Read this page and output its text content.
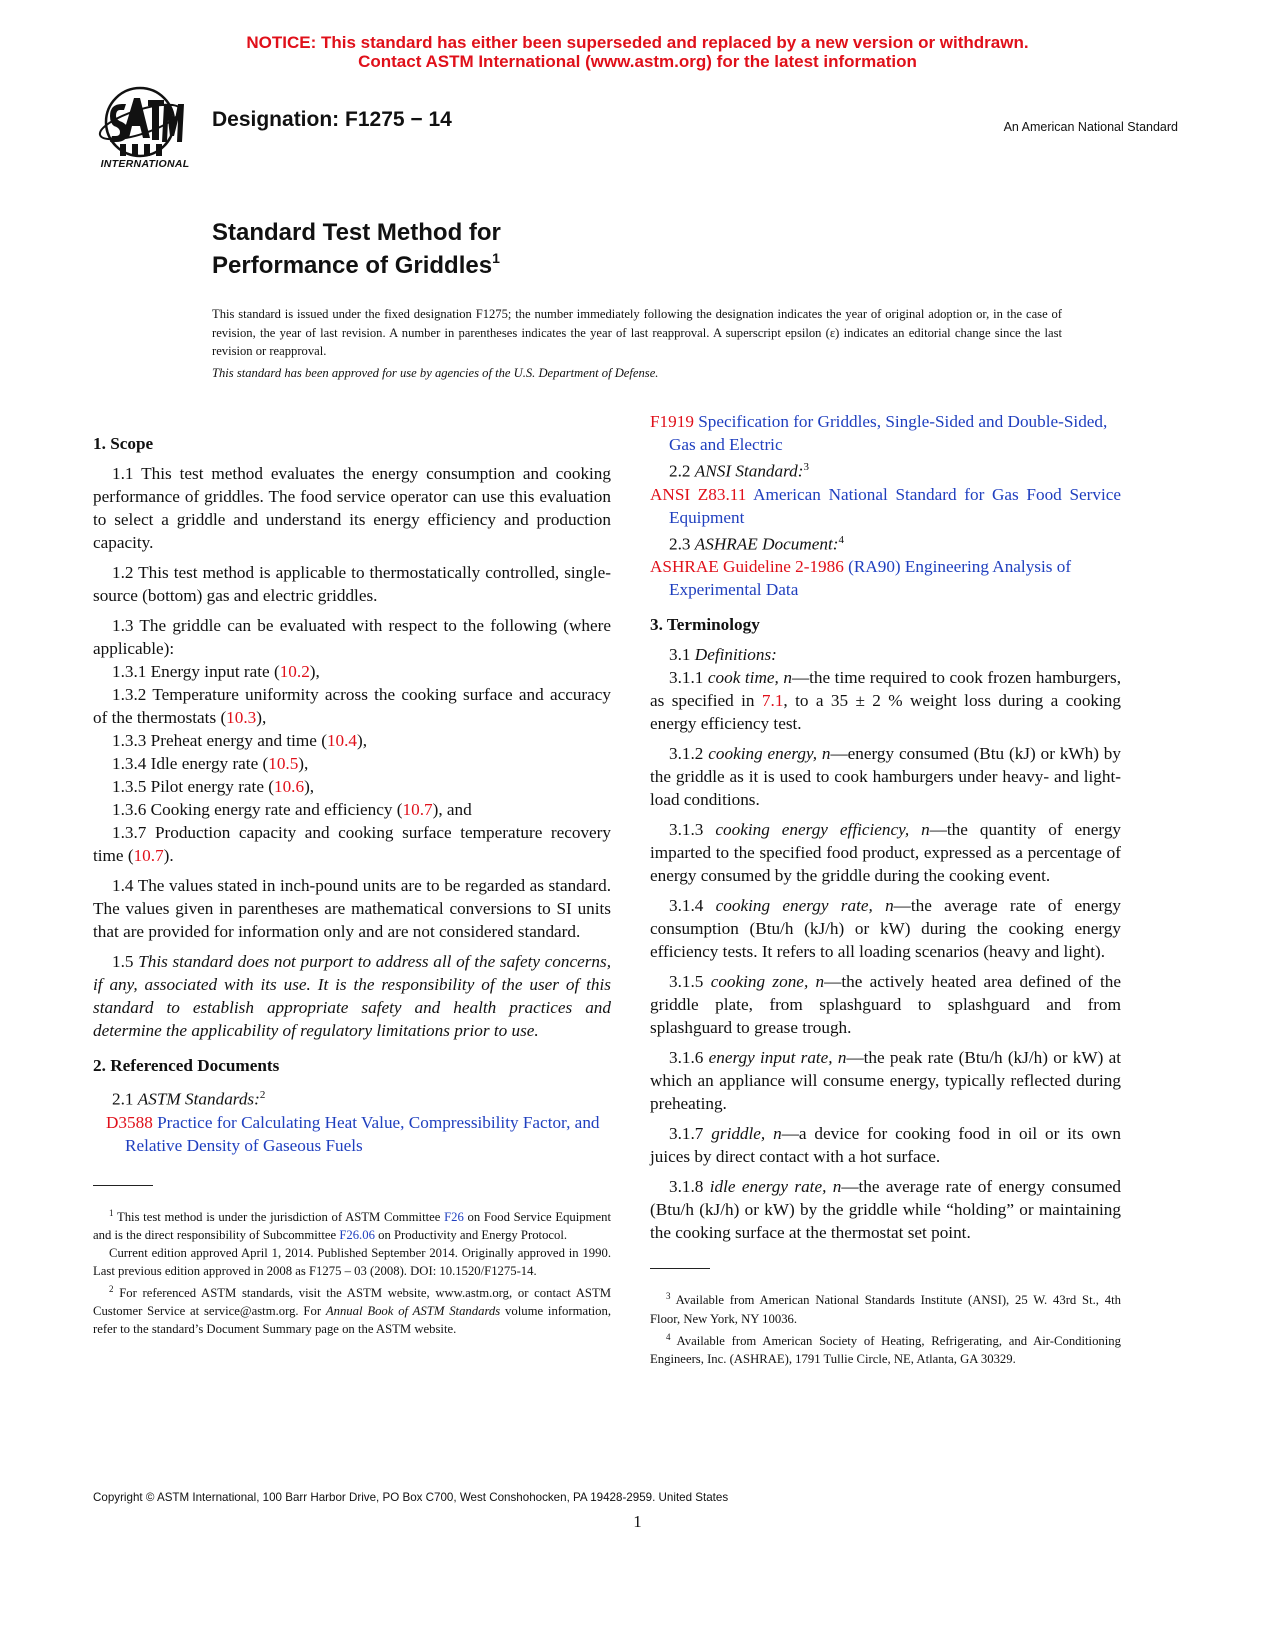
NOTICE: This standard has either been superseded and replaced by a new version or withdrawn.
Contact ASTM International (www.astm.org) for the latest information
INTERNATIONAL
Designation: F1275 − 14	An American National Standard
Standard Test Method for
Performance of Griddles$^1$
This standard is issued under the fixed designation F1275; the number immediately following the designation indicates the year of original adoption or, in the case of revision, the year of last revision. A number in parentheses indicates the year of last reapproval. A superscript epsilon (ε) indicates an editorial change since the last revision or reapproval.
This standard has been approved for use by agencies of the U.S. Department of Defense.

1. Scope

1.1 This test method evaluates the energy consumption and cooking performance of griddles. The food service operator can use this evaluation to select a griddle and understand its energy efficiency and production capacity.

1.2 This test method is applicable to thermostatically controlled, single-source (bottom) gas and electric griddles.

1.3 The griddle can be evaluated with respect to the following (where applicable):

1.3.1 Energy input rate (10.2),

1.3.2 Temperature uniformity across the cooking surface and accuracy of the thermostats (10.3),

1.3.3 Preheat energy and time (10.4),

1.3.4 Idle energy rate (10.5),

1.3.5 Pilot energy rate (10.6),

1.3.6 Cooking energy rate and efficiency (10.7), and

1.3.7 Production capacity and cooking surface temperature recovery time (10.7).

1.4 The values stated in inch-pound units are to be regarded as standard. The values given in parentheses are mathematical conversions to SI units that are provided for information only and are not considered standard.

1.5 This standard does not purport to address all of the safety concerns, if any, associated with its use. It is the responsibility of the user of this standard to establish appropriate safety and health practices and determine the applicability of regulatory limitations prior to use.

2. Referenced Documents

2.1 ASTM Standards:$^2$

D3588 Practice for Calculating Heat Value, Compressibility Factor, and Relative Density of Gaseous Fuels

$^1$ This test method is under the jurisdiction of ASTM Committee F26 on Food Service Equipment and is the direct responsibility of Subcommittee F26.06 on Productivity and Energy Protocol.

Current edition approved April 1, 2014. Published September 2014. Originally approved in 1990. Last previous edition approved in 2008 as F1275 – 03 (2008). DOI: 10.1520/F1275-14.

$^2$ For referenced ASTM standards, visit the ASTM website, www.astm.org, or contact ASTM Customer Service at service@astm.org. For Annual Book of ASTM Standards volume information, refer to the standard’s Document Summary page on the ASTM website.

F1919 Specification for Griddles, Single-Sided and Double-Sided, Gas and Electric

2.2 ANSI Standard:$^3$

ANSI Z83.11 American National Standard for Gas Food Service Equipment

2.3 ASHRAE Document:$^4$

ASHRAE Guideline 2-1986 (RA90) Engineering Analysis of Experimental Data

3. Terminology

3.1 Definitions:

3.1.1 cook time, n—the time required to cook frozen hamburgers, as specified in 7.1, to a 35 ± 2 % weight loss during a cooking energy efficiency test.

3.1.2 cooking energy, n—energy consumed (Btu (kJ) or kWh) by the griddle as it is used to cook hamburgers under heavy- and light-load conditions.

3.1.3 cooking energy efficiency, n—the quantity of energy imparted to the specified food product, expressed as a percentage of energy consumed by the griddle during the cooking event.

3.1.4 cooking energy rate, n—the average rate of energy consumption (Btu/h (kJ/h) or kW) during the cooking energy efficiency tests. It refers to all loading scenarios (heavy and light).

3.1.5 cooking zone, n—the actively heated area defined of the griddle plate, from splashguard to splashguard and from splashguard to grease trough.

3.1.6 energy input rate, n—the peak rate (Btu/h (kJ/h) or kW) at which an appliance will consume energy, typically reflected during preheating.

3.1.7 griddle, n—a device for cooking food in oil or its own juices by direct contact with a hot surface.

3.1.8 idle energy rate, n—the average rate of energy consumed (Btu/h (kJ/h) or kW) by the griddle while “holding” or maintaining the cooking surface at the thermostat set point.

$^3$ Available from American National Standards Institute (ANSI), 25 W. 43rd St., 4th Floor, New York, NY 10036.

$^4$ Available from American Society of Heating, Refrigerating, and Air-Conditioning Engineers, Inc. (ASHRAE), 1791 Tullie Circle, NE, Atlanta, GA 30329.

Copyright © ASTM International, 100 Barr Harbor Drive, PO Box C700, West Conshohocken, PA 19428-2959. United States
1
